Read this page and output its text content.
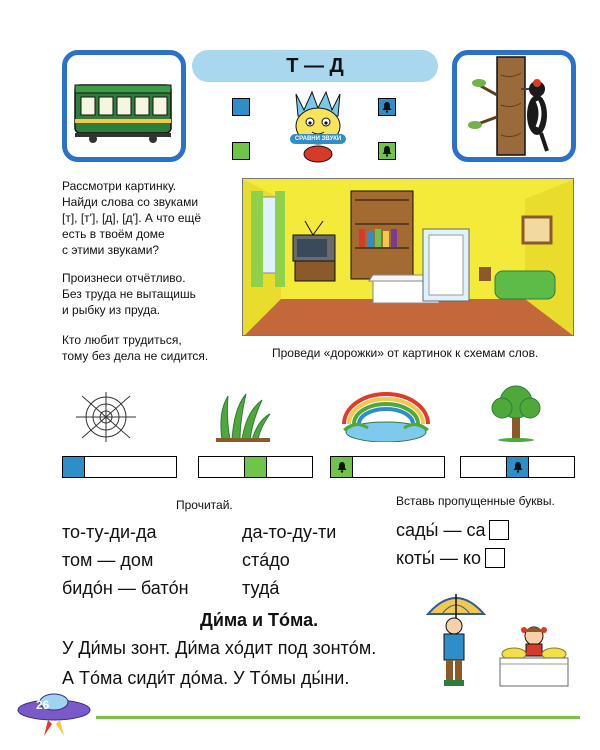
Т — Д
СРАВНИ ЗВУКИ
Рассмотри картинку.
Найди слова со звуками
[т], [т'], [д], [д']. А что ещё
есть в твоём доме
с этими звуками?
Произнеси отчётливо.
Без труда не вытащишь
и рыбку из пруда.
Кто любит трудиться,
тому без дела не сидится.	Проведи «дорожки» от картинок к схемам слов.
Прочитай.	Вставь пропущенные буквы.
то-ту-ди-да
том — дом
бидóн — батóн
да-то-ду-ти
стáдо
тудá
сады́ — са
коты́ — ко
Ди́ма и Тóма.
У Ди́мы зонт. Ди́ма хóдит под зонтóм.
А Тóма сиди́т дóма. У Тóмы ды́ни.
26
